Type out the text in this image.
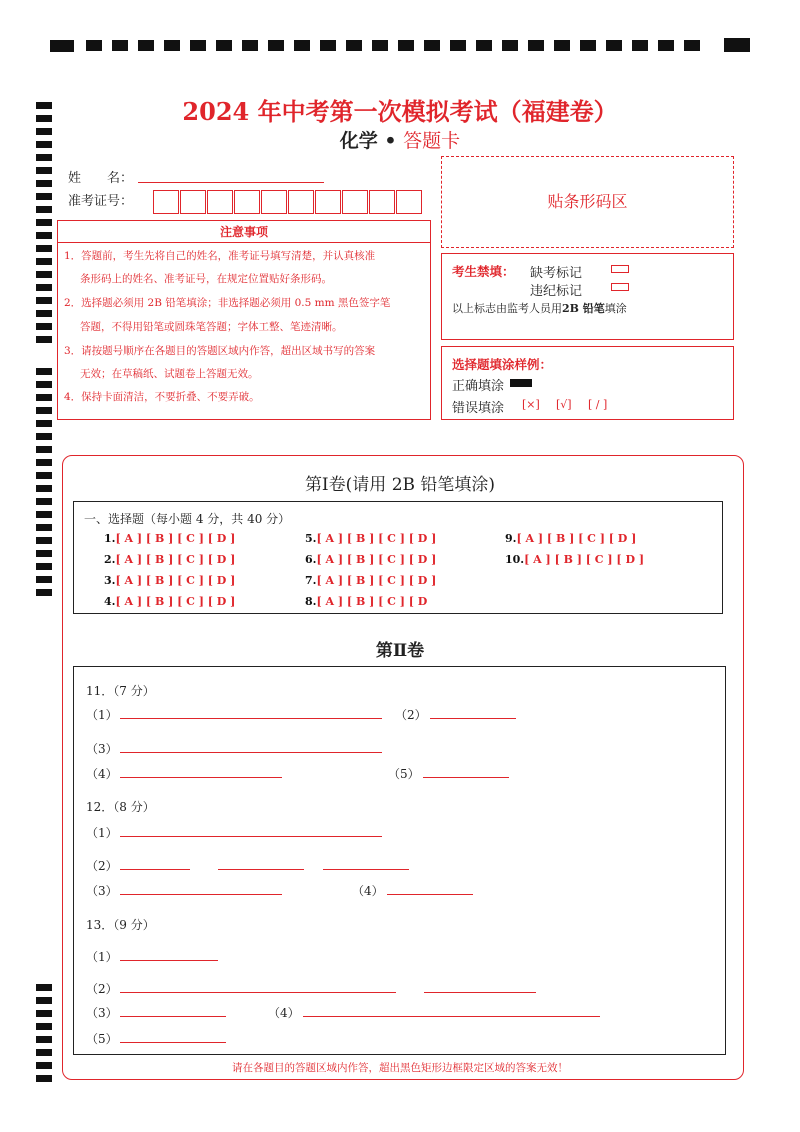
2024 年中考第一次模拟考试（福建卷）
化学 • 答题卡
姓　　名：
准考证号：	贴条形码区
注意事项
1．答题前，考生先将自己的姓名，准考证号填写清楚，并认真核准
条形码上的姓名、准考证号，在规定位置贴好条形码。
2．选择题必须用 2B 铅笔填涂；非选择题必须用 0.5 mm 黑色签字笔
答题，不得用铅笔或圆珠笔答题；字体工整、笔迹清晰。
3．请按题号顺序在各题目的答题区域内作答，超出区域书写的答案
无效；在草稿纸、试题卷上答题无效。
4．保持卡面清洁，不要折叠、不要弄破。
考生禁填： 缺考标记
违纪标记
以上标志由监考人员用2B 铅笔填涂
选择题填涂样例：
正确填涂
错误填涂 [×] [√] [ / ]
第Ⅰ卷(请用 2B 铅笔填涂)
一、选择题（每小题 4 分，共 40 分）
1.[ A ] [ B ] [ C ] [ D ]
2.[ A ] [ B ] [ C ] [ D ]
3.[ A ] [ B ] [ C ] [ D ]
4.[ A ] [ B ] [ C ] [ D ]
5.[ A ] [ B ] [ C ] [ D ]
6.[ A ] [ B ] [ C ] [ D ]
7.[ A ] [ B ] [ C ] [ D ]
8.[ A ] [ B ] [ C ] [ D
9.[ A ] [ B ] [ C ] [ D ]
10.[ A ] [ B ] [ C ] [ D ]
第Ⅱ卷
11．（7 分）
（1）	（2）
（3）
（4）	（5）
12．（8 分）
（1）
（2）
（3）	（4）
13．（9 分）
（1）
（2）
（3）	（4）
（5）
请在各题目的答题区域内作答，超出黑色矩形边框限定区域的答案无效！
